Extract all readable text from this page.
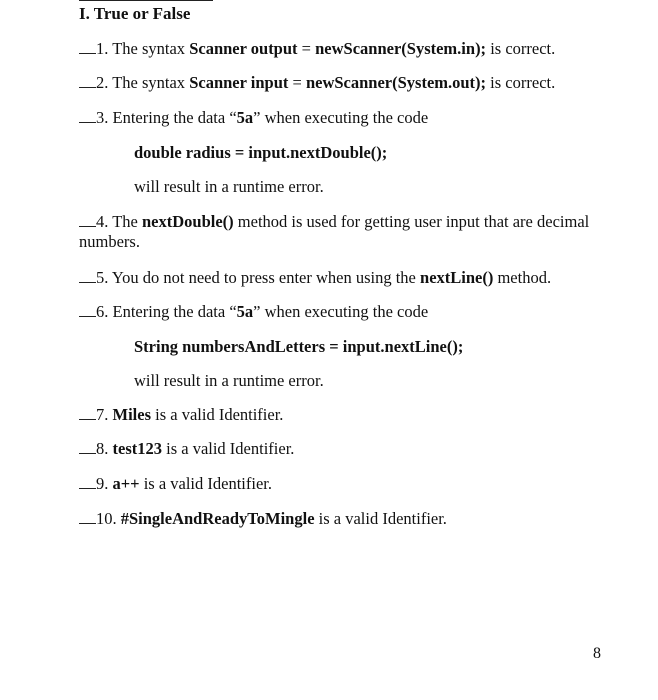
I. True or False
1. The syntax Scanner output = newScanner(System.in); is correct.
2. The syntax Scanner input = newScanner(System.out); is correct.
3. Entering the data “5a” when executing the code
double radius = input.nextDouble();
will result in a runtime error.
4. The nextDouble() method is used for getting user input that are decimal numbers.
5. You do not need to press enter when using the nextLine() method.
6. Entering the data “5a” when executing the code
String numbersAndLetters = input.nextLine();
will result in a runtime error.
7. Miles is a valid Identifier.
8. test123 is a valid Identifier.
9. a++ is a valid Identifier.
10. #SingleAndReadyToMingle is a valid Identifier.
8
